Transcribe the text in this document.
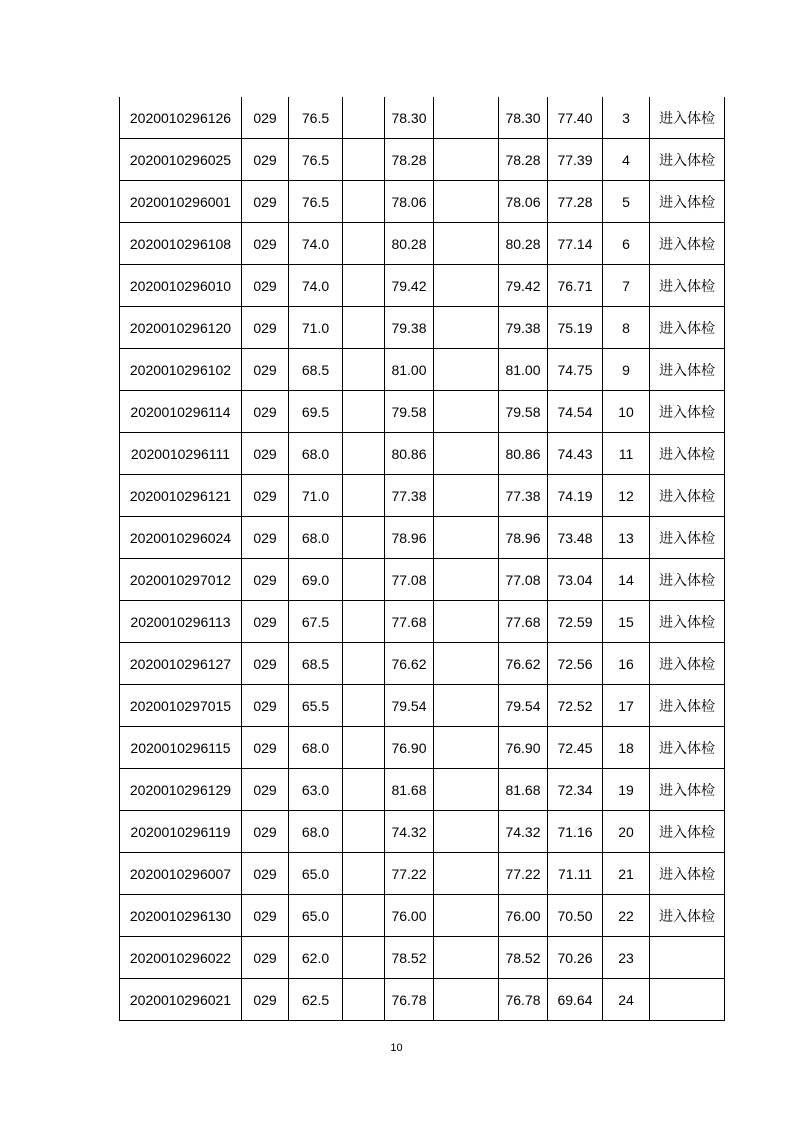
2020010296126	029	76.5		78.30		78.30	77.40	3	进入体检
2020010296025	029	76.5		78.28		78.28	77.39	4	进入体检
2020010296001	029	76.5		78.06		78.06	77.28	5	进入体检
2020010296108	029	74.0		80.28		80.28	77.14	6	进入体检
2020010296010	029	74.0		79.42		79.42	76.71	7	进入体检
2020010296120	029	71.0		79.38		79.38	75.19	8	进入体检
2020010296102	029	68.5		81.00		81.00	74.75	9	进入体检
2020010296114	029	69.5		79.58		79.58	74.54	10	进入体检
2020010296111	029	68.0		80.86		80.86	74.43	11	进入体检
2020010296121	029	71.0		77.38		77.38	74.19	12	进入体检
2020010296024	029	68.0		78.96		78.96	73.48	13	进入体检
2020010297012	029	69.0		77.08		77.08	73.04	14	进入体检
2020010296113	029	67.5		77.68		77.68	72.59	15	进入体检
2020010296127	029	68.5		76.62		76.62	72.56	16	进入体检
2020010297015	029	65.5		79.54		79.54	72.52	17	进入体检
2020010296115	029	68.0		76.90		76.90	72.45	18	进入体检
2020010296129	029	63.0		81.68		81.68	72.34	19	进入体检
2020010296119	029	68.0		74.32		74.32	71.16	20	进入体检
2020010296007	029	65.0		77.22		77.22	71.11	21	进入体检
2020010296130	029	65.0		76.00		76.00	70.50	22	进入体检
2020010296022	029	62.0		78.52		78.52	70.26	23	
2020010296021	029	62.5		76.78		76.78	69.64	24	
10
